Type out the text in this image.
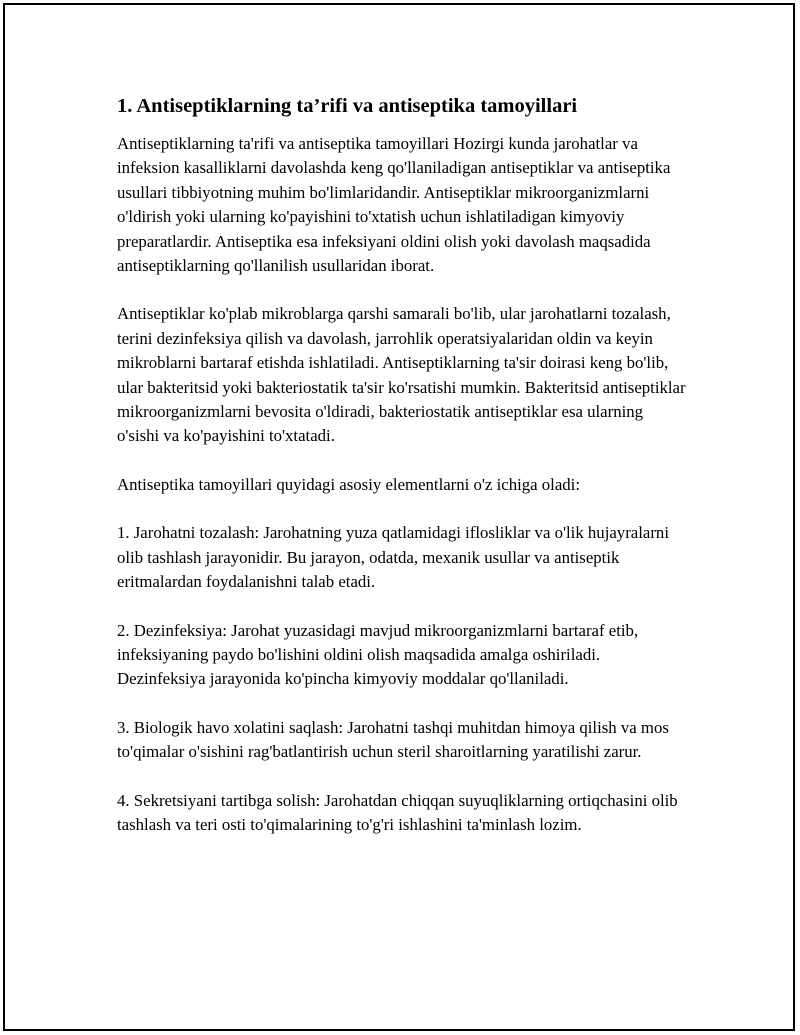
1. Antiseptiklarning ta’rifi va antiseptika tamoyillari

Antiseptiklarning ta'rifi va antiseptika tamoyillari Hozirgi kunda jarohatlar va infeksion kasalliklarni davolashda keng qo'llaniladigan antiseptiklar va antiseptika usullari tibbiyotning muhim bo'limlaridandir. Antiseptiklar mikroorganizmlarni o'ldirish yoki ularning ko'payishini to'xtatish uchun ishlatiladigan kimyoviy preparatlardir. Antiseptika esa infeksiyani oldini olish yoki davolash maqsadida antiseptiklarning qo'llanilish usullaridan iborat.

Antiseptiklar ko'plab mikroblarga qarshi samarali bo'lib, ular jarohatlarni tozalash, terini dezinfeksiya qilish va davolash, jarrohlik operatsiyalaridan oldin va keyin mikroblarni bartaraf etishda ishlatiladi. Antiseptiklarning ta'sir doirasi keng bo'lib, ular bakteritsid yoki bakteriostatik ta'sir ko'rsatishi mumkin. Bakteritsid antiseptiklar mikroorganizmlarni bevosita o'ldiradi, bakteriostatik antiseptiklar esa ularning o'sishi va ko'payishini to'xtatadi.

Antiseptika tamoyillari quyidagi asosiy elementlarni o'z ichiga oladi:

1. Jarohatni tozalash: Jarohatning yuza qatlamidagi iflosliklar va o'lik hujayralarni olib tashlash jarayonidir. Bu jarayon, odatda, mexanik usullar va antiseptik eritmalardan foydalanishni talab etadi.

2. Dezinfeksiya: Jarohat yuzasidagi mavjud mikroorganizmlarni bartaraf etib, infeksiyaning paydo bo'lishini oldini olish maqsadida amalga oshiriladi. Dezinfeksiya jarayonida ko'pincha kimyoviy moddalar qo'llaniladi.

3. Biologik havo xolatini saqlash: Jarohatni tashqi muhitdan himoya qilish va mos to'qimalar o'sishini rag'batlantirish uchun steril sharoitlarning yaratilishi zarur.

4. Sekretsiyani tartibga solish: Jarohatdan chiqqan suyuqliklarning ortiqchasini olib tashlash va teri osti to'qimalarining to'g'ri ishlashini ta'minlash lozim.
